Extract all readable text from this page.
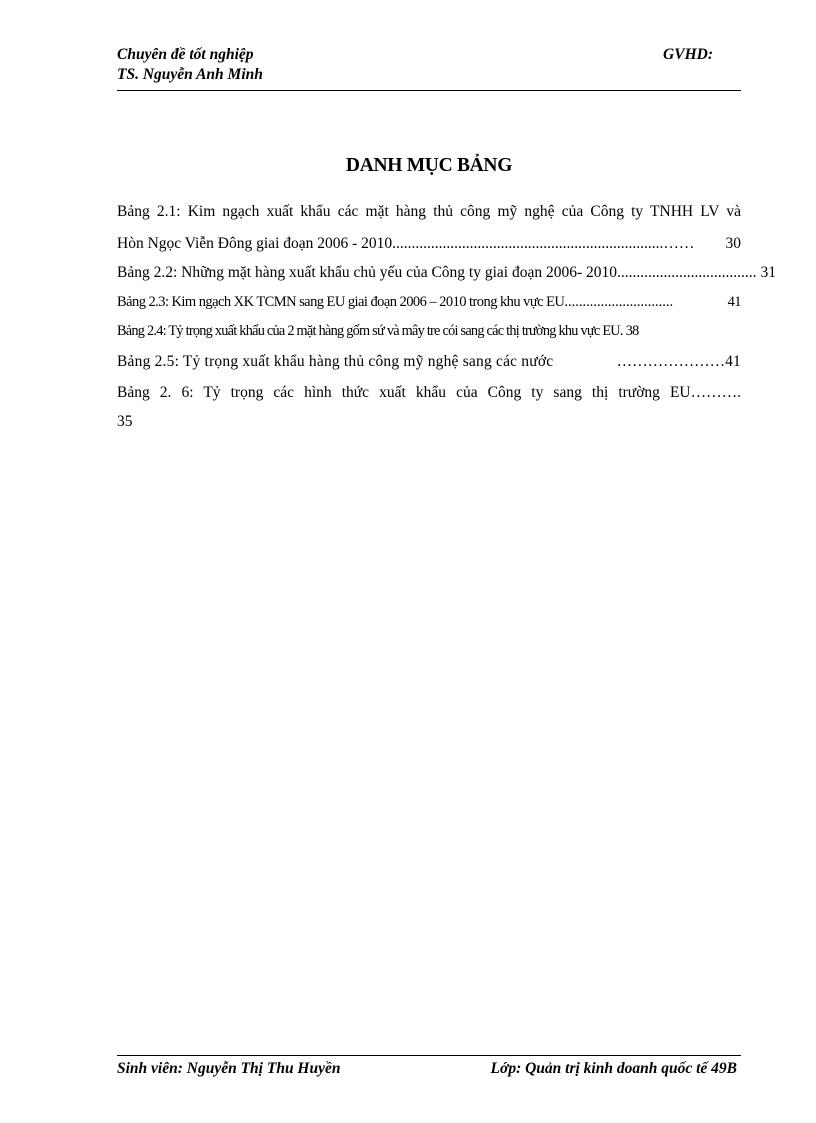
Chuyên đề tốt nghiệp
TS. Nguyễn Anh Minh
GVHD:
DANH MỤC BẢNG
Bảng 2.1: Kim ngạch xuất khẩu các mặt hàng thủ công mỹ nghệ của Công ty TNHH LV và
Hòn Ngọc Viễn Đông giai đoạn 2006 - 2010 ......................................................................……	30
Bảng 2.2: Những mặt hàng xuất khẩu chủ yếu của Công ty giai đoạn 2006- 2010 .................................... 31
Bảng 2.3: Kim ngạch XK TCMN sang EU giai đoạn 2006 – 2010 trong khu vực EU ..............................	41
Bảng 2.4: Tỷ trọng xuất khẩu của 2 mặt hàng gốm sứ và mây tre cói sang các thị trường khu vực EU . 38
Bảng 2.5: Tỷ trọng xuất khẩu hàng thủ công mỹ nghệ sang các nước	………………… 41
Bảng 2. 6: Tỷ trọng các hình thức xuất khẩu của Công ty sang thị trường EU……….
35
Sinh viên: Nguyễn Thị Thu Huyền	Lớp: Quản trị kinh doanh quốc tế 49B
